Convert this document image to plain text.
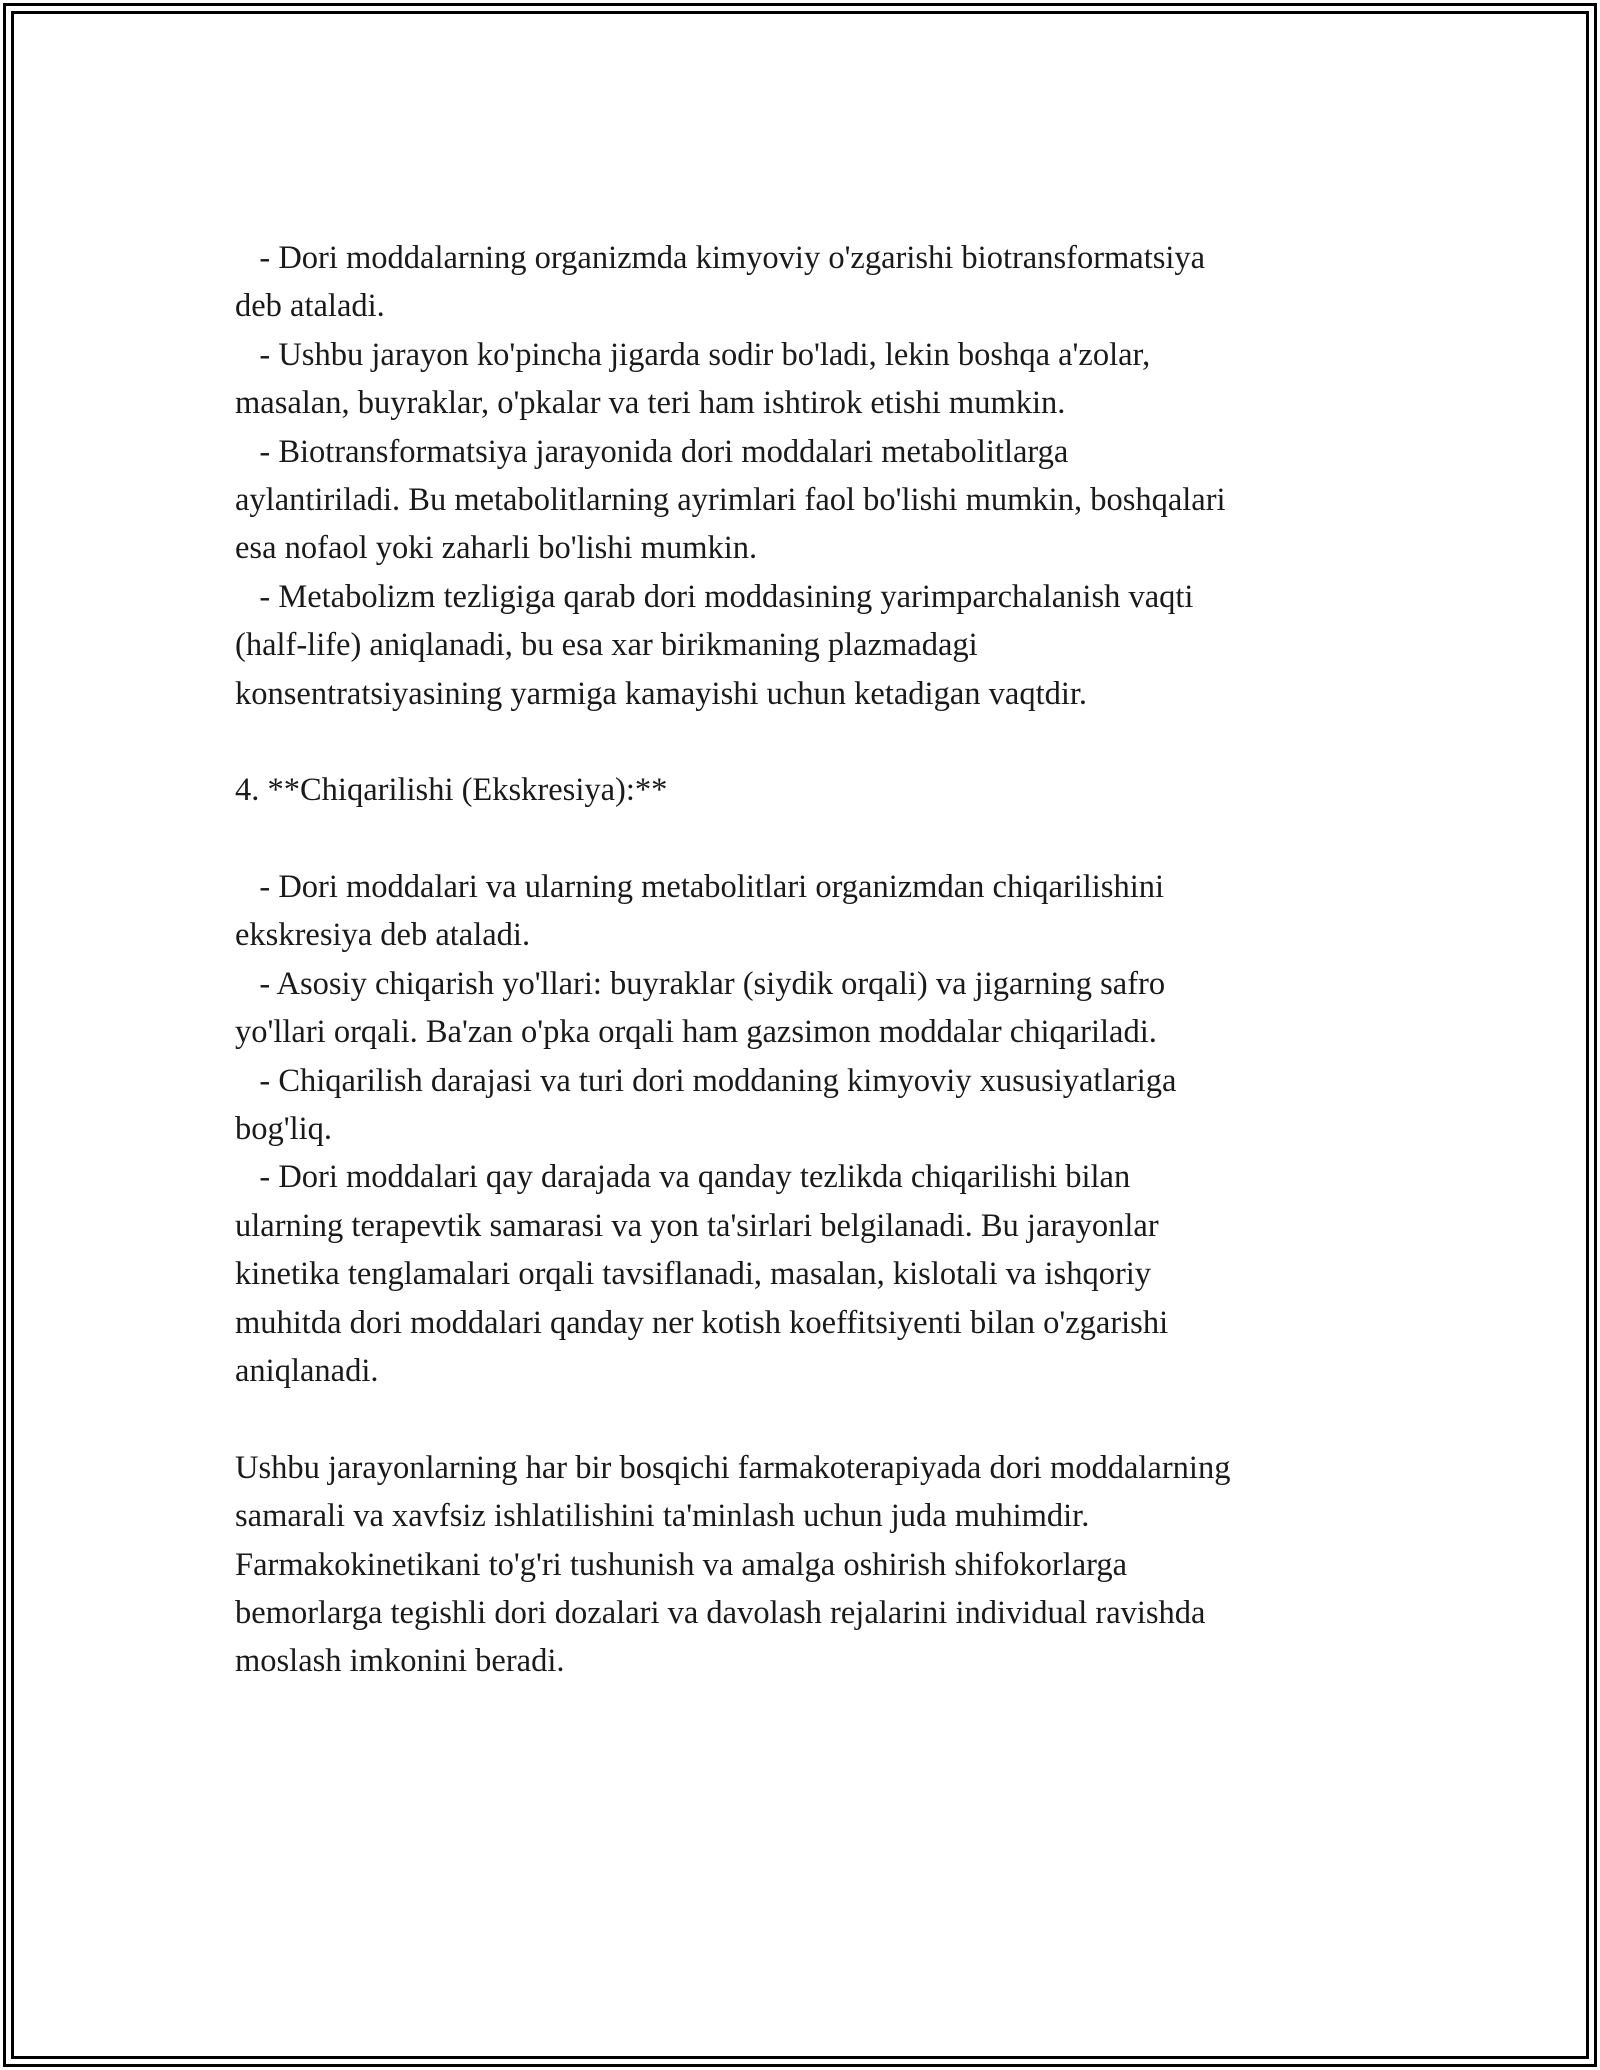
- Dori moddalarning organizmda kimyoviy o'zgarishi biotransformatsiya
deb ataladi.
- Ushbu jarayon ko'pincha jigarda sodir bo'ladi, lekin boshqa a'zolar,
masalan, buyraklar, o'pkalar va teri ham ishtirok etishi mumkin.
- Biotransformatsiya jarayonida dori moddalari metabolitlarga
aylantiriladi. Bu metabolitlarning ayrimlari faol bo'lishi mumkin, boshqalari
esa nofaol yoki zaharli bo'lishi mumkin.
- Metabolizm tezligiga qarab dori moddasining yarimparchalanish vaqti
(half-life) aniqlanadi, bu esa xar birikmaning plazmadagi
konsentratsiyasining yarmiga kamayishi uchun ketadigan vaqtdir.
4. **Chiqarilishi (Ekskresiya):**
- Dori moddalari va ularning metabolitlari organizmdan chiqarilishini
ekskresiya deb ataladi.
- Asosiy chiqarish yo'llari: buyraklar (siydik orqali) va jigarning safro
yo'llari orqali. Ba'zan o'pka orqali ham gazsimon moddalar chiqariladi.
- Chiqarilish darajasi va turi dori moddaning kimyoviy xususiyatlariga
bog'liq.
- Dori moddalari qay darajada va qanday tezlikda chiqarilishi bilan
ularning terapevtik samarasi va yon ta'sirlari belgilanadi. Bu jarayonlar
kinetika tenglamalari orqali tavsiflanadi, masalan, kislotali va ishqoriy
muhitda dori moddalari qanday ner kotish koeffitsiyenti bilan o'zgarishi
aniqlanadi.
Ushbu jarayonlarning har bir bosqichi farmakoterapiyada dori moddalarning
samarali va xavfsiz ishlatilishini ta'minlash uchun juda muhimdir.
Farmakokinetikani to'g'ri tushunish va amalga oshirish shifokorlarga
bemorlarga tegishli dori dozalari va davolash rejalarini individual ravishda
moslash imkonini beradi.
